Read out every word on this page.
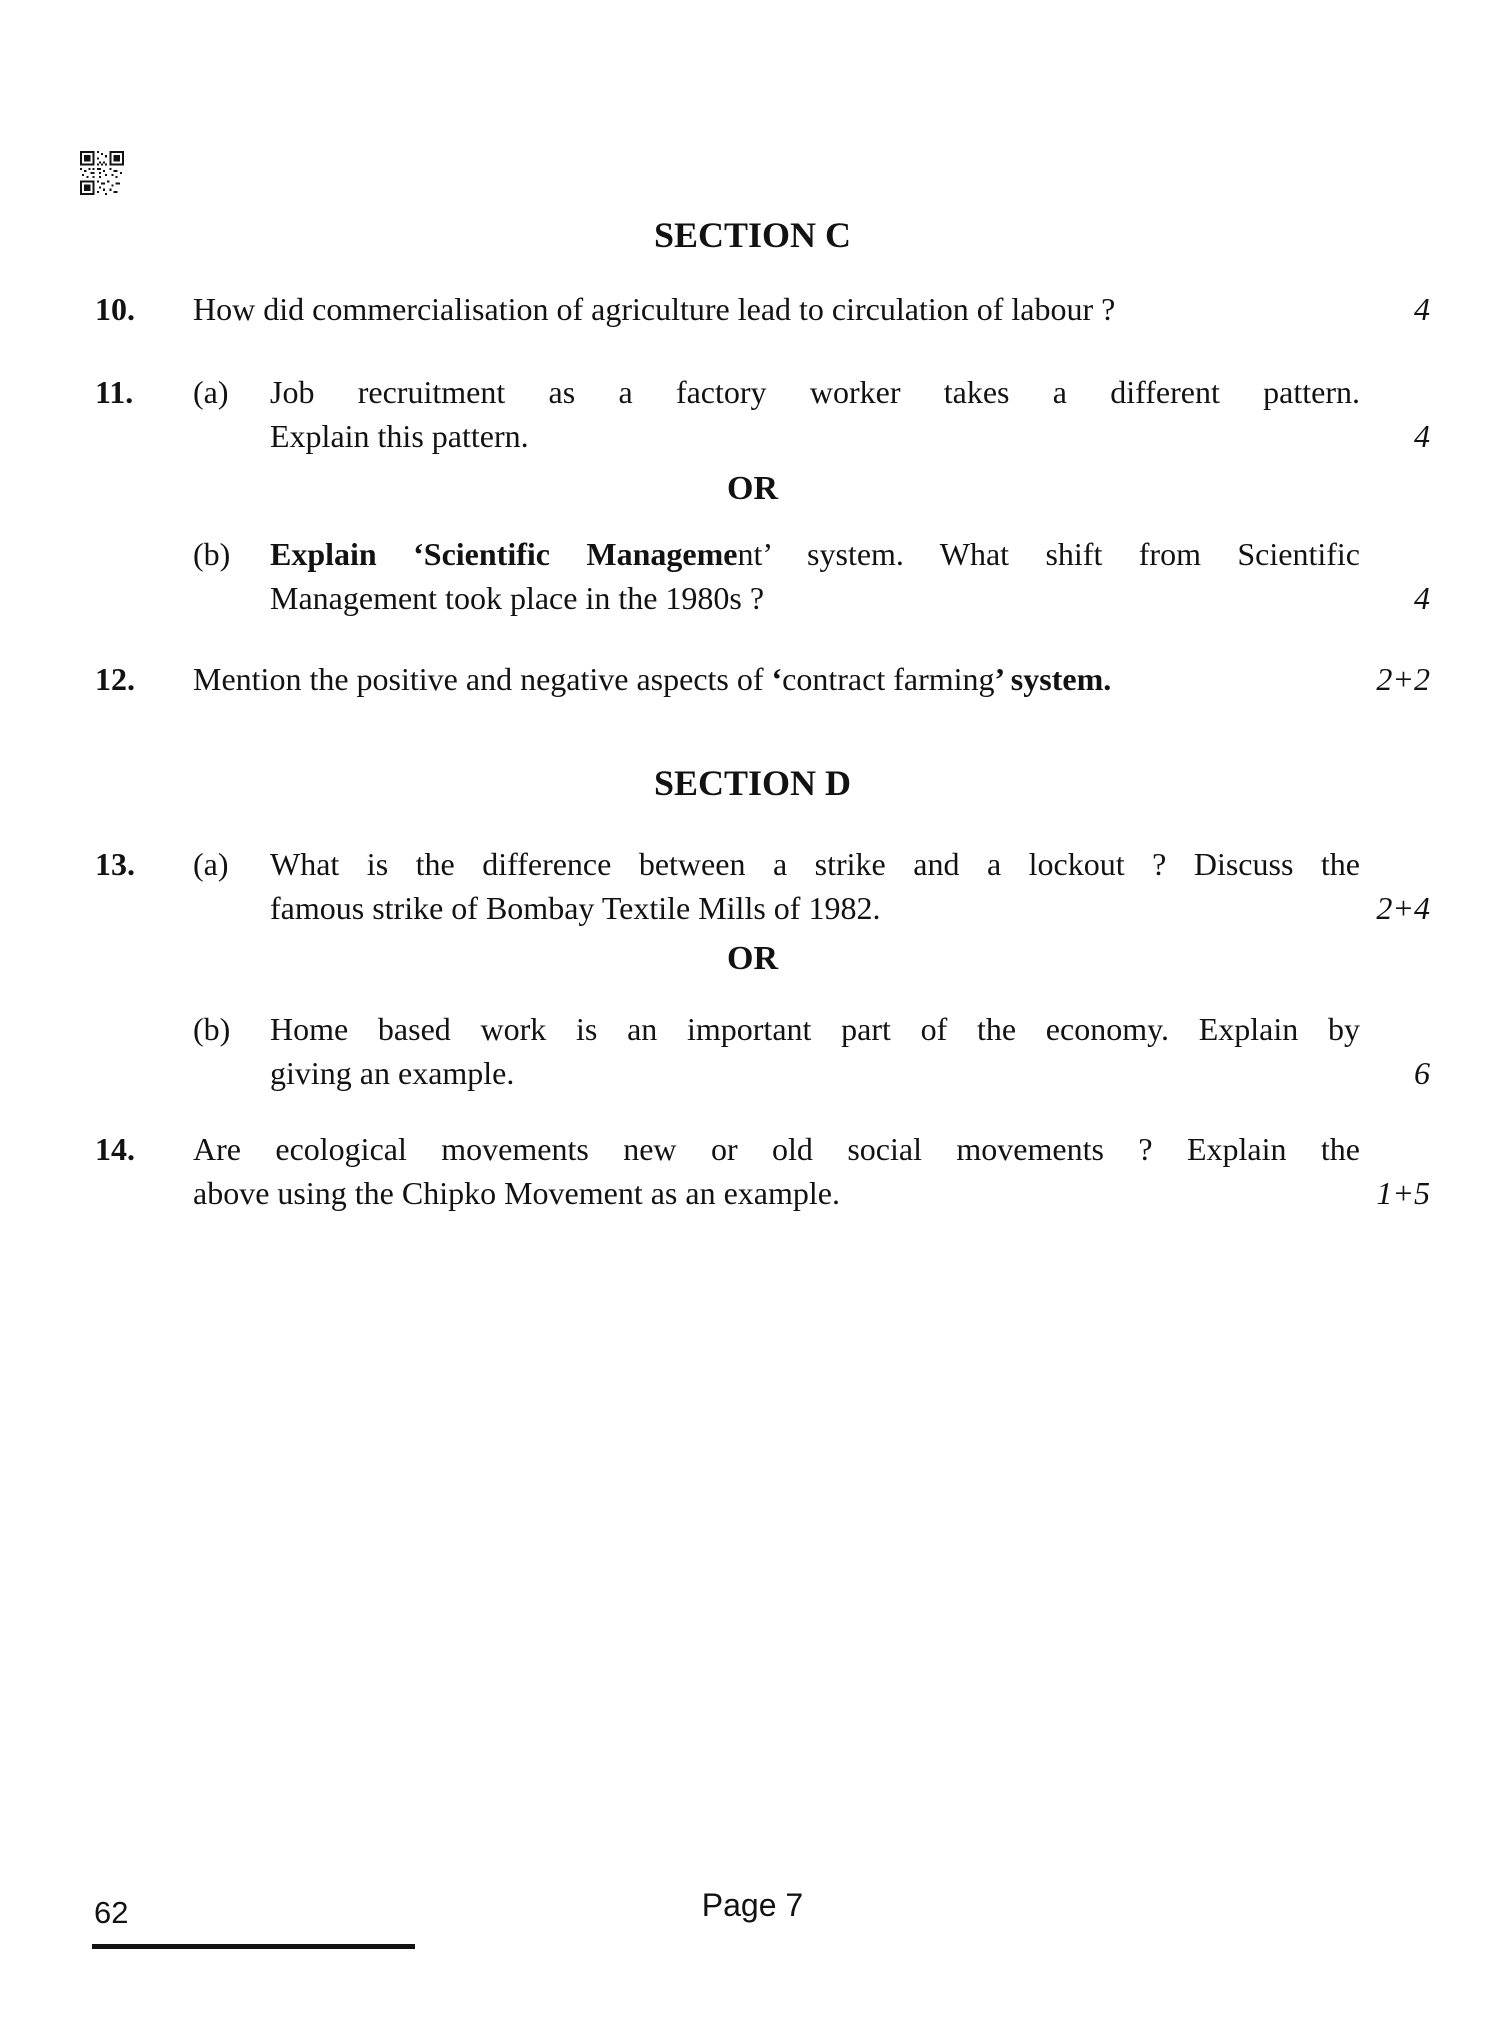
SECTION C
10.	How did commercialisation of agriculture lead to circulation of labour ?	4
11.	(a)	Job recruitment as a factory worker takes a different pattern.
Explain this pattern.	4
OR
(b)	Explain ‘Scientific Management’ system. What shift from Scientific
Management took place in the 1980s ?	4
12.	Mention the positive and negative aspects of ‘contract farming’ system.	2+2
SECTION D
13.	(a)	What is the difference between a strike and a lockout ? Discuss the
famous strike of Bombay Textile Mills of 1982.	2+4
OR
(b)	Home based work is an important part of the economy. Explain by
giving an example.	6
14.	Are ecological movements new or old social movements ? Explain the
above using the Chipko Movement as an example.	1+5
62	Page 7
